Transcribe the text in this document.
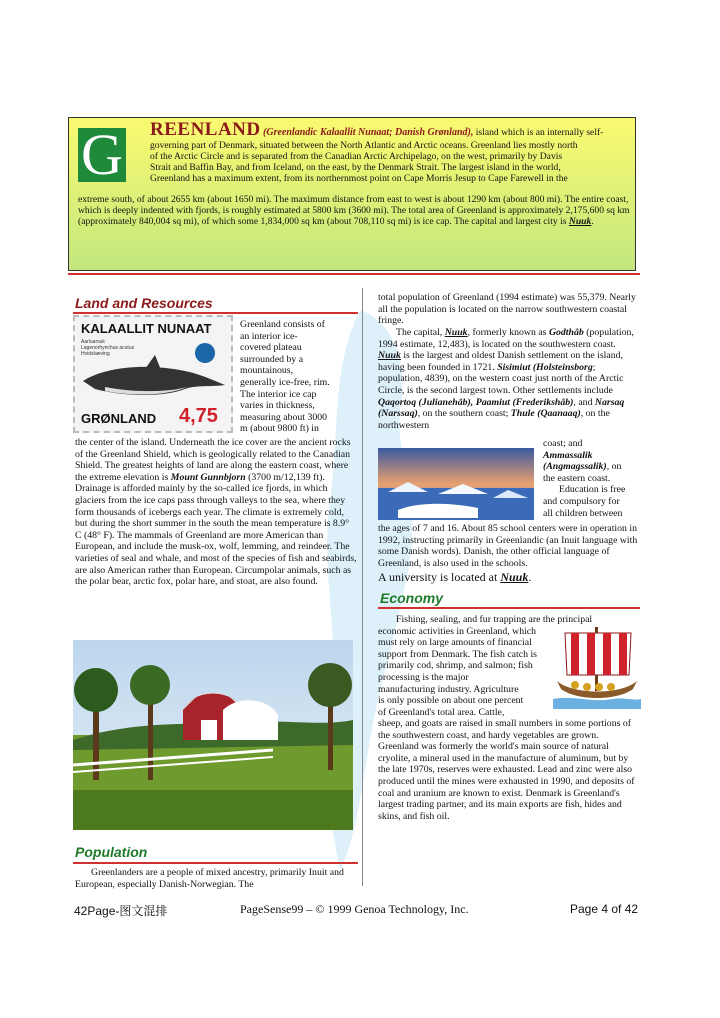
G REENLAND (Greenlandic Kalaallit Nunaat; Danish Grønland), island which is an internally self-
governing part of Denmark, situated between the North Atlantic and Arctic oceans. Greenland lies mostly north
of the Arctic Circle and is separated from the Canadian Arctic Archipelago, on the west, primarily by Davis
Strait and Baffin Bay, and from Iceland, on the east, by the Denmark Strait. The largest island in the world,
Greenland has a maximum extent, from its northernmost point on Cape Morris Jesup to Cape Farewell in the
extreme south, of about 2655 km (about 1650 mi). The maximum distance from east to west is about 1290 km (about 800 mi). The entire coast, which is deeply indented with fjords, is roughly estimated at 5800 km (3600 mi). The total area of Greenland is approximately 2,175,600 sq km (approximately 840,004 sq mi), of which some 1,834,000 sq km (about 708,110 sq mi) is ice cap. The capital and largest city is Nuuk.
Land and Resources
KALAALLIT NUNAAT
Aarluarsuk Lagenorhynchus acutus Hvidskæving
GRØNLAND 4,75
Greenland consists of
an interior ice-
covered plateau
surrounded by a
mountainous,
generally ice-free, rim.
The interior ice cap
varies in thickness,
measuring about 3000
m (about 9800 ft) in
the center of the island. Underneath the ice cover are the ancient rocks of the Greenland Shield, which is geologically related to the Canadian Shield. The greatest heights of land are along the eastern coast, where the extreme elevation is Mount Gunnbjorn (3700 m/12,139 ft). Drainage is afforded mainly by the so-called ice fjords, in which glaciers from the ice caps pass through valleys to the sea, where they form thousands of icebergs each year. The climate is extremely cold, but during the short summer in the south the mean temperature is 8.9° C (48° F). The mammals of Greenland are more American than European, and include the musk-ox, wolf, lemming, and reindeer. The varieties of seal and whale, and most of the species of fish and seabirds, are also American rather than European. Circumpolar animals, such as the polar bear, arctic fox, polar hare, and stoat, are also found.
Population
Greenlanders are a people of mixed ancestry, primarily Inuit and European, especially Danish-Norwegian. The
total population of Greenland (1994 estimate) was 55,379. Nearly all the population is located on the narrow southwestern coastal fringe.
The capital, Nuuk, formerly known as Godthâb (population, 1994 estimate, 12,483), is located on the southwestern coast. Nuuk is the largest and oldest Danish settlement on the island, having been founded in 1721. Sisimiut (Holsteinsborg; population, 4839), on the western coast just north of the Arctic Circle, is the second largest town. Other settlements include Qaqortoq (Julianehâb), Paamiut (Frederikshâb), and Narsaq (Narssaq), on the southern coast; Thule (Qaanaaq), on the northwestern
coast; and
Ammassalik (Angmagssalik), on
the eastern coast.
Education is free
and compulsory for
all children between
the ages of 7 and 16. About 85 school centers were in operation in 1992, instructing primarily in Greenlandic (an Inuit language with some Danish words). Danish, the other official language of Greenland, is also used in the schools.
A university is located at Nuuk.
Economy
Fishing, sealing, and fur trapping are the principal
economic activities in Greenland, which
must rely on large amounts of financial
support from Denmark. The fish catch is
primarily cod, shrimp, and salmon; fish
processing is the major
manufacturing industry. Agriculture
is only possible on about one percent
of Greenland's total area. Cattle,
sheep, and goats are raised in small numbers in some portions of the southwestern coast, and hardy vegetables are grown. Greenland was formerly the world's main source of natural cryolite, a mineral used in the manufacture of aluminum, but by the late 1970s, reserves were exhausted. Lead and zinc were also produced until the mines were exhausted in 1990, and deposits of coal and uranium are known to exist. Denmark is Greenland's largest trading partner, and its main exports are fish, hides and skins, and fish oil.
42Page-图文混排	PageSense99 – © 1999 Genoa Technology, Inc.	Page 4 of 42
